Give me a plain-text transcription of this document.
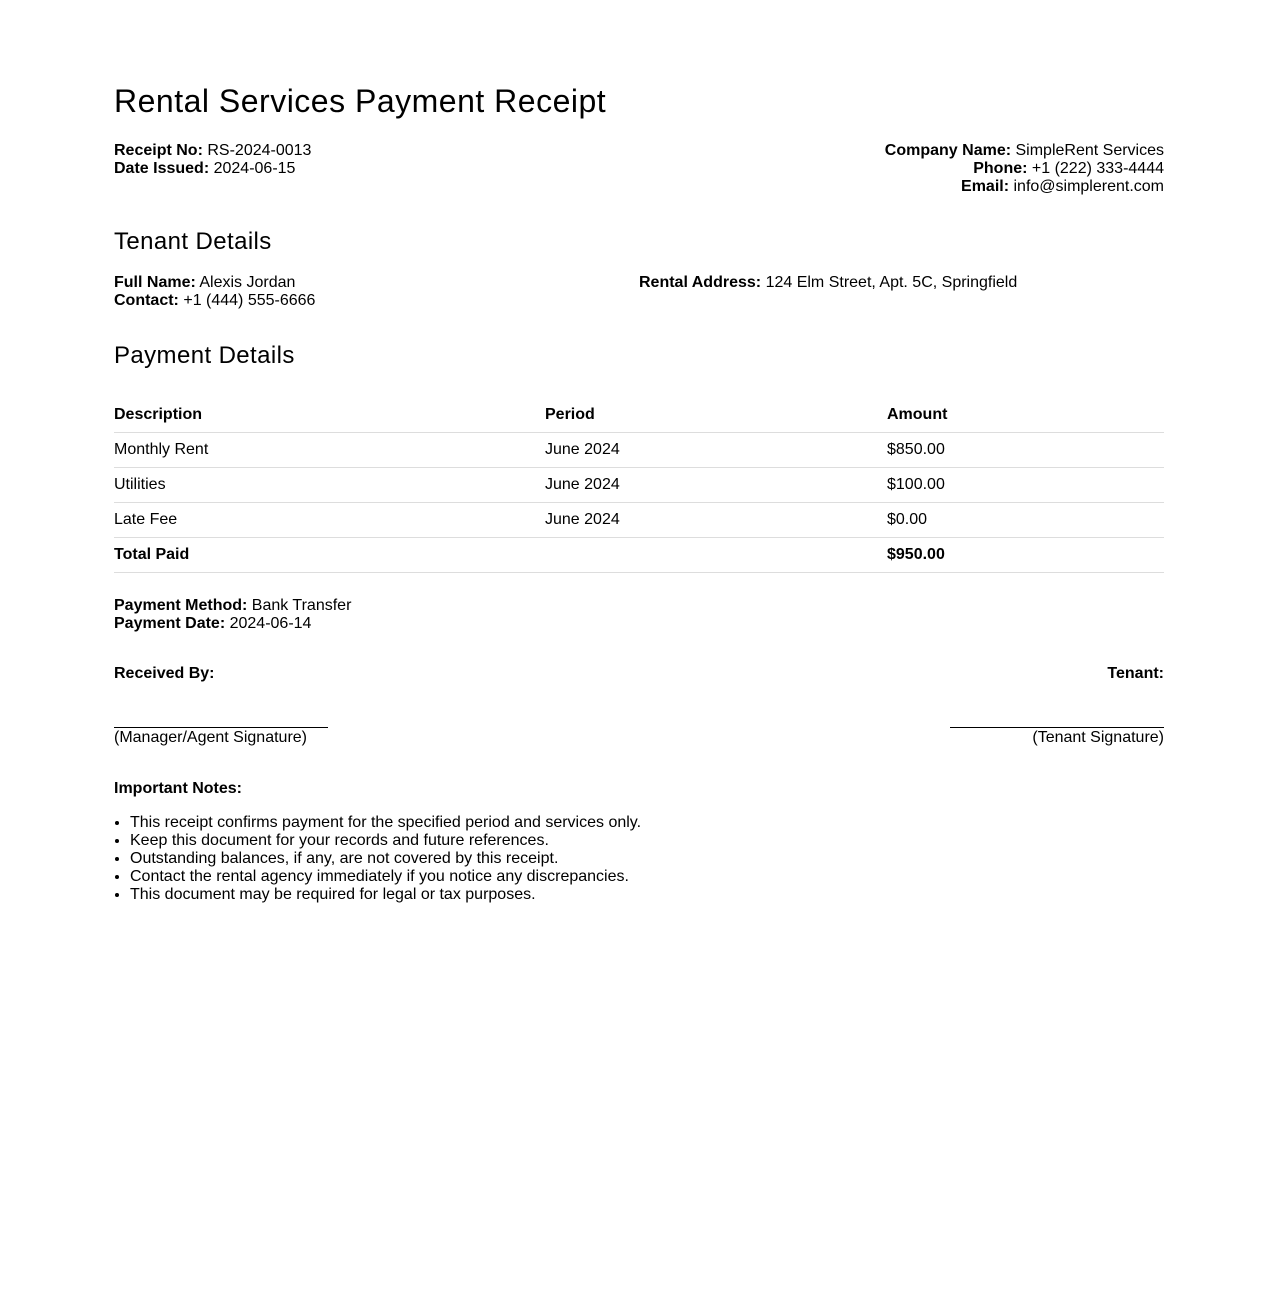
Rental Services Payment Receipt
Receipt No: RS-2024-0013
Date Issued: 2024-06-15
Company Name: SimpleRent Services
Phone: +1 (222) 333-4444
Email: info@simplerent.com
Tenant Details
Full Name: Alexis Jordan
Contact: +1 (444) 555-6666
Rental Address: 124 Elm Street, Apt. 5C, Springfield
Payment Details
Description	Period	Amount
Monthly Rent	June 2024	$850.00
Utilities	June 2024	$100.00
Late Fee	June 2024	$0.00
Total Paid		$950.00
Payment Method: Bank Transfer
Payment Date: 2024-06-14
Received By:
(Manager/Agent Signature)
Tenant:
(Tenant Signature)
Important Notes:
• This receipt confirms payment for the specified period and services only.
• Keep this document for your records and future references.
• Outstanding balances, if any, are not covered by this receipt.
• Contact the rental agency immediately if you notice any discrepancies.
• This document may be required for legal or tax purposes.
